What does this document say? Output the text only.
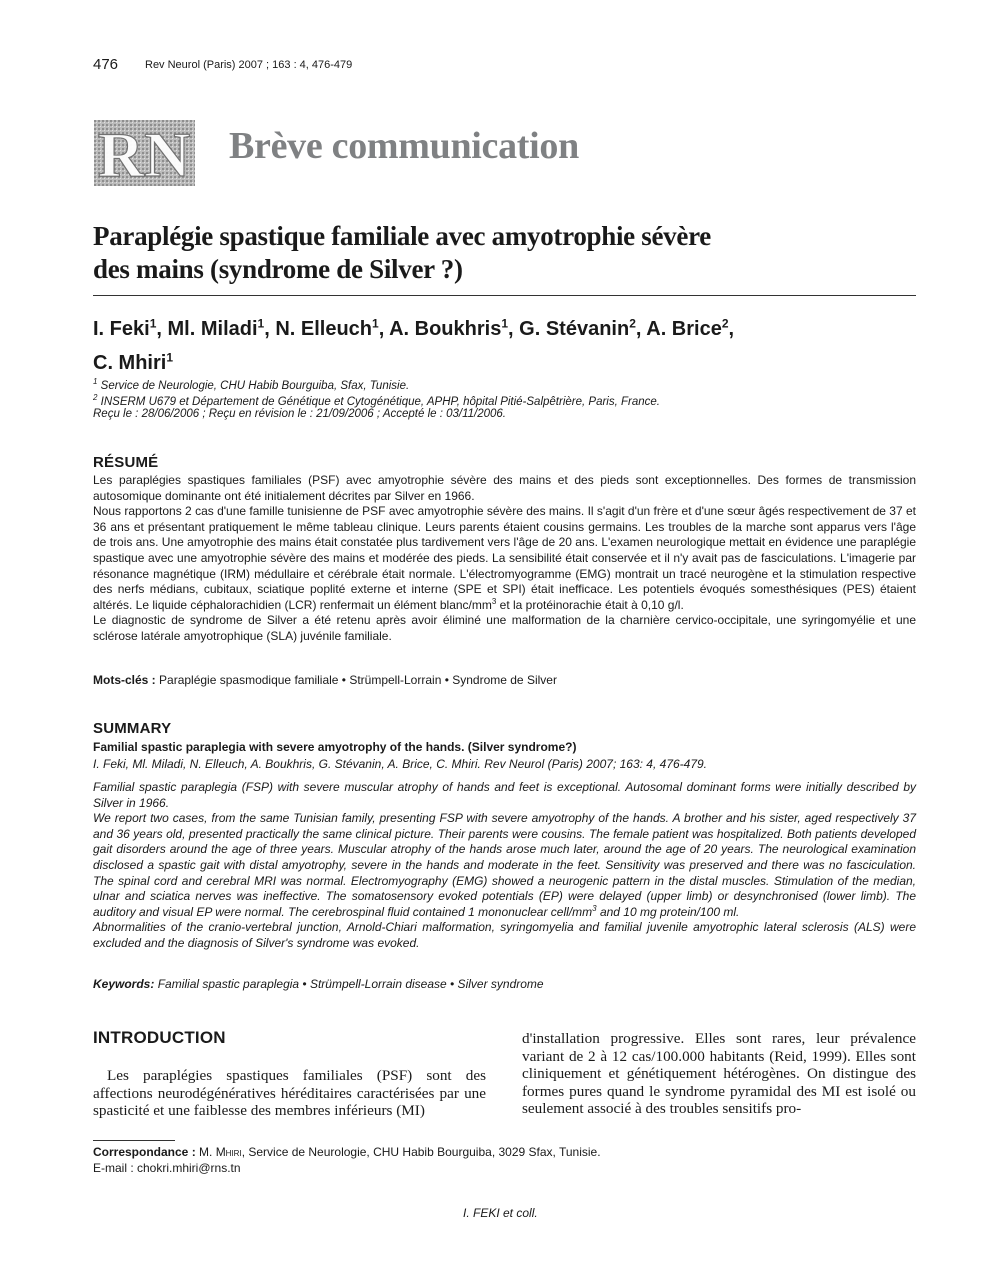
476 Rev Neurol (Paris) 2007 ; 163 : 4, 476-479
RN Brève communication
Paraplégie spastique familiale avec amyotrophie sévère
des mains (syndrome de Silver ?)
I. Feki$^1$, Ml. Miladi$^1$, N. Elleuch$^1$, A. Boukhris$^1$, G. Stévanin$^2$, A. Brice$^2$,
C. Mhiri$^1$
$^1$ Service de Neurologie, CHU Habib Bourguiba, Sfax, Tunisie.
$^2$ INSERM U679 et Département de Génétique et Cytogénétique, APHP, hôpital Pitié-Salpêtrière, Paris, France.
Reçu le : 28/06/2006 ; Reçu en révision le : 21/09/2006 ; Accepté le : 03/11/2006.
RÉSUMÉ

Les paraplégies spastiques familiales (PSF) avec amyotrophie sévère des mains et des pieds sont exceptionnelles. Des formes de transmission autosomique dominante ont été initialement décrites par Silver en 1966.

Nous rapportons 2 cas d'une famille tunisienne de PSF avec amyotrophie sévère des mains. Il s'agit d'un frère et d'une sœur âgés respectivement de 37 et 36 ans et présentant pratiquement le même tableau clinique. Leurs parents étaient cousins germains. Les troubles de la marche sont apparus vers l'âge de trois ans. Une amyotrophie des mains était constatée plus tardivement vers l'âge de 20 ans. L'examen neurologique mettait en évidence une paraplégie spastique avec une amyotrophie sévère des mains et modérée des pieds. La sensibilité était conservée et il n'y avait pas de fasciculations. L'imagerie par résonance magnétique (IRM) médullaire et cérébrale était normale. L'électromyogramme (EMG) montrait un tracé neurogène et la stimulation respective des nerfs médians, cubitaux, sciatique poplité externe et interne (SPE et SPI) était inefficace. Les potentiels évoqués somesthésiques (PES) étaient altérés. Le liquide céphalorachidien (LCR) renfermait un élément blanc/$mm^3$ et la protéinorachie était à 0,10 g/l.

Le diagnostic de syndrome de Silver a été retenu après avoir éliminé une malformation de la charnière cervico-occipitale, une syringomyélie et une sclérose latérale amyotrophique (SLA) juvénile familiale.

Mots-clés : Paraplégie spasmodique familiale • Strümpell-Lorrain • Syndrome de Silver
SUMMARY
Familial spastic paraplegia with severe amyotrophy of the hands. (Silver syndrome?)
I. Feki, Ml. Miladi, N. Elleuch, A. Boukhris, G. Stévanin, A. Brice, C. Mhiri. Rev Neurol (Paris) 2007; 163: 4, 476-479.

Familial spastic paraplegia (FSP) with severe muscular atrophy of hands and feet is exceptional. Autosomal dominant forms were initially described by Silver in 1966.

We report two cases, from the same Tunisian family, presenting FSP with severe amyotrophy of the hands. A brother and his sister, aged respectively 37 and 36 years old, presented practically the same clinical picture. Their parents were cousins. The female patient was hospitalized. Both patients developed gait disorders around the age of three years. Muscular atrophy of the hands arose much later, around the age of 20 years. The neurological examination disclosed a spastic gait with distal amyotrophy, severe in the hands and moderate in the feet. Sensitivity was preserved and there was no fasciculation. The spinal cord and cerebral MRI was normal. Electromyography (EMG) showed a neurogenic pattern in the distal muscles. Stimulation of the median, ulnar and sciatica nerves was ineffective. The somatosensory evoked potentials (EP) were delayed (upper limb) or desynchronised (lower limb). The auditory and visual EP were normal. The cerebrospinal fluid contained 1 mononuclear cell/$mm^3$ and 10 mg protein/100 ml.

Abnormalities of the cranio-vertebral junction, Arnold-Chiari malformation, syringomyelia and familial juvenile amyotrophic lateral sclerosis (ALS) were excluded and the diagnosis of Silver's syndrome was evoked.

Keywords: Familial spastic paraplegia • Strümpell-Lorrain disease • Silver syndrome
INTRODUCTION

Les paraplégies spastiques familiales (PSF) sont des affections neurodégénératives héréditaires caractérisées par une spasticité et une faiblesse des membres inférieurs (MI)

d'installation progressive. Elles sont rares, leur prévalence variant de 2 à 12 cas/100.000 habitants (Reid, 1999). Elles sont cliniquement et génétiquement hétérogènes. On distingue des formes pures quand le syndrome pyramidal des MI est isolé ou seulement associé à des troubles sensitifs pro-

Correspondance : M. Mhiri, Service de Neurologie, CHU Habib Bourguiba, 3029 Sfax, Tunisie.
E-mail : chokri.mhiri@rns.tn
I. FEKI et coll.
